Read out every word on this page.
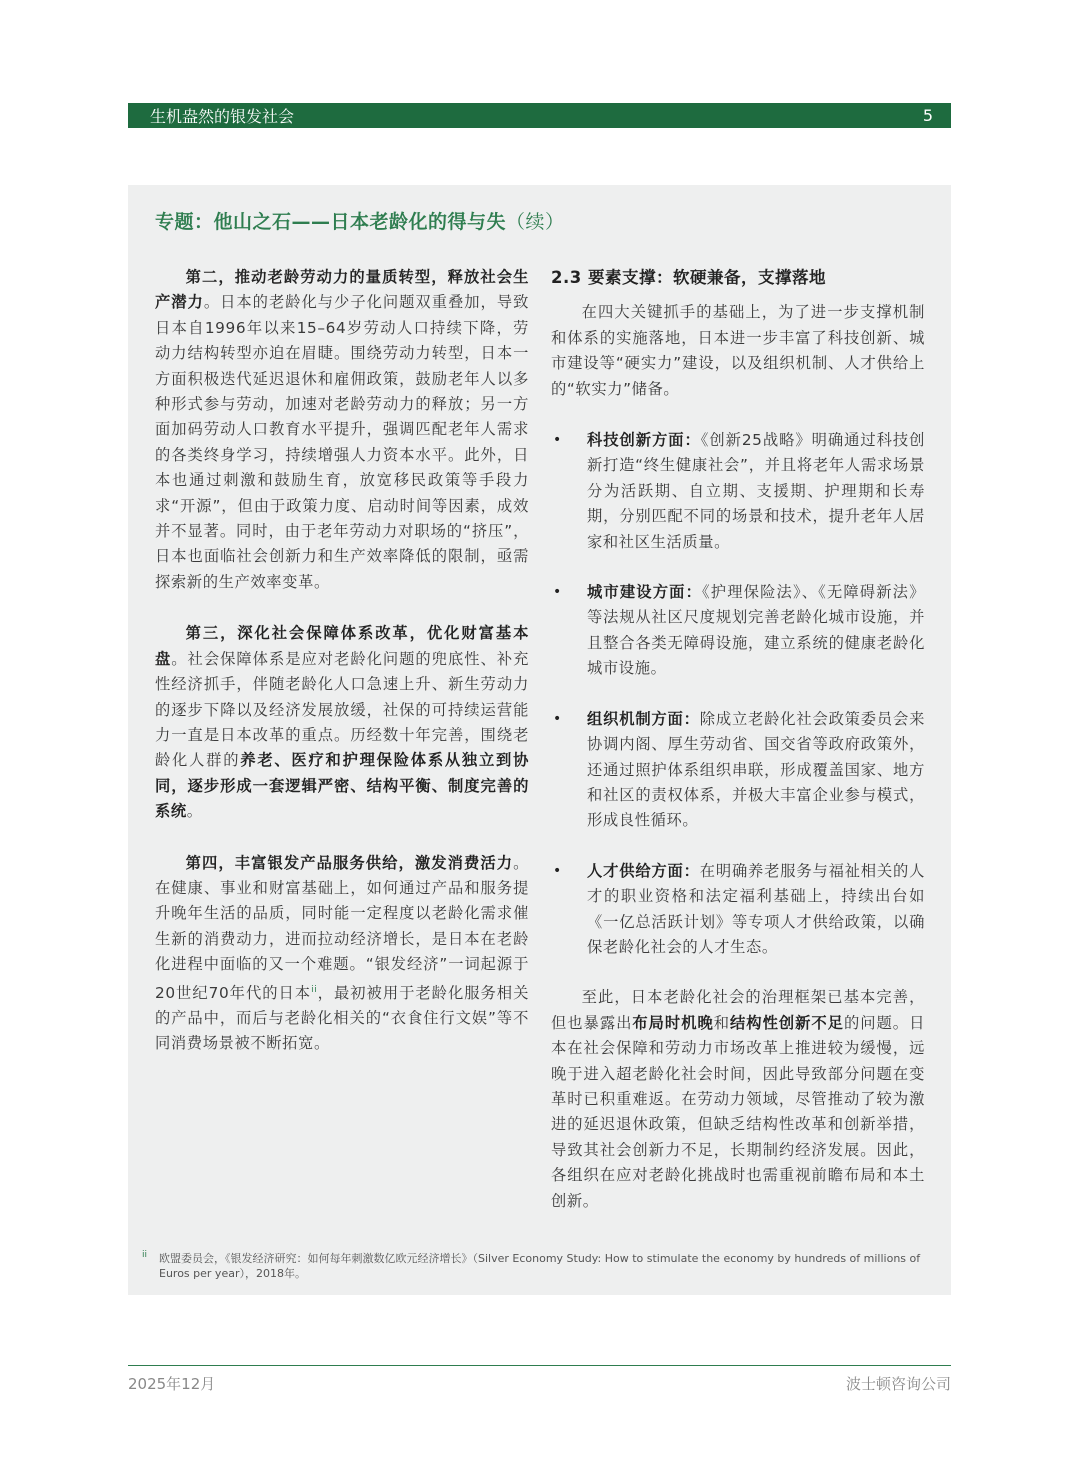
生机盎然的银发社会	5
专题：他山之石——日本老龄化的得与失（续）

第二，推动老龄劳动力的量质转型，释放社会生产潜力。日本的老龄化与少子化问题双重叠加，导致日本自1996年以来15–64岁劳动人口持续下降，劳动力结构转型亦迫在眉睫。围绕劳动力转型，日本一方面积极迭代延迟退休和雇佣政策，鼓励老年人以多种形式参与劳动，加速对老龄劳动力的释放；另一方面加码劳动人口教育水平提升，强调匹配老年人需求的各类终身学习，持续增强人力资本水平。此外，日本也通过刺激和鼓励生育，放宽移民政策等手段力求“开源”，但由于政策力度、启动时间等因素，成效并不显著。同时，由于老年劳动力对职场的“挤压”，日本也面临社会创新力和生产效率降低的限制，亟需探索新的生产效率变革。

第三，深化社会保障体系改革，优化财富基本盘。社会保障体系是应对老龄化问题的兜底性、补充性经济抓手，伴随老龄化人口急速上升、新生劳动力的逐步下降以及经济发展放缓，社保的可持续运营能力一直是日本改革的重点。历经数十年完善，围绕老龄化人群的养老、医疗和护理保险体系从独立到协同，逐步形成一套逻辑严密、结构平衡、制度完善的系统。

第四，丰富银发产品服务供给，激发消费活力。在健康、事业和财富基础上，如何通过产品和服务提升晚年生活的品质，同时能一定程度以老龄化需求催生新的消费动力，进而拉动经济增长，是日本在老龄化进程中面临的又一个难题。“银发经济”一词起源于20世纪70年代的日本$^{ii}$，最初被用于老龄化服务相关的产品中，而后与老龄化相关的“衣食住行文娱”等不同消费场景被不断拓宽。

2.3 要素支撑：软硬兼备，支撑落地

在四大关键抓手的基础上，为了进一步支撑机制和体系的实施落地，日本进一步丰富了科技创新、城市建设等“硬实力”建设，以及组织机制、人才供给上的“软实力”储备。

• 科技创新方面：《创新25战略》明确通过科技创新打造“终生健康社会”，并且将老年人需求场景分为活跃期、自立期、支援期、护理期和长寿期，分别匹配不同的场景和技术，提升老年人居家和社区生活质量。
• 城市建设方面：《护理保险法》、《无障碍新法》等法规从社区尺度规划完善老龄化城市设施，并且整合各类无障碍设施，建立系统的健康老龄化城市设施。
• 组织机制方面：除成立老龄化社会政策委员会来协调内阁、厚生劳动省、国交省等政府政策外，还通过照护体系组织串联，形成覆盖国家、地方和社区的责权体系，并极大丰富企业参与模式，形成良性循环。
• 人才供给方面：在明确养老服务与福祉相关的人才的职业资格和法定福利基础上，持续出台如《一亿总活跃计划》等专项人才供给政策，以确保老龄化社会的人才生态。

至此，日本老龄化社会的治理框架已基本完善，但也暴露出布局时机晚和结构性创新不足的问题。日本在社会保障和劳动力市场改革上推进较为缓慢，远晚于进入超老龄化社会时间，因此导致部分问题在变革时已积重难返。在劳动力领域，尽管推动了较为激进的延迟退休政策，但缺乏结构性改革和创新举措，导致其社会创新力不足，长期制约经济发展。因此，各组织在应对老龄化挑战时也需重视前瞻布局和本土创新。

ii	欧盟委员会，《银发经济研究：如何每年刺激数亿欧元经济增长》（Silver Economy Study: How to stimulate the economy by hundreds of millions of Euros per year），2018年。
2025年12月	波士顿咨询公司
